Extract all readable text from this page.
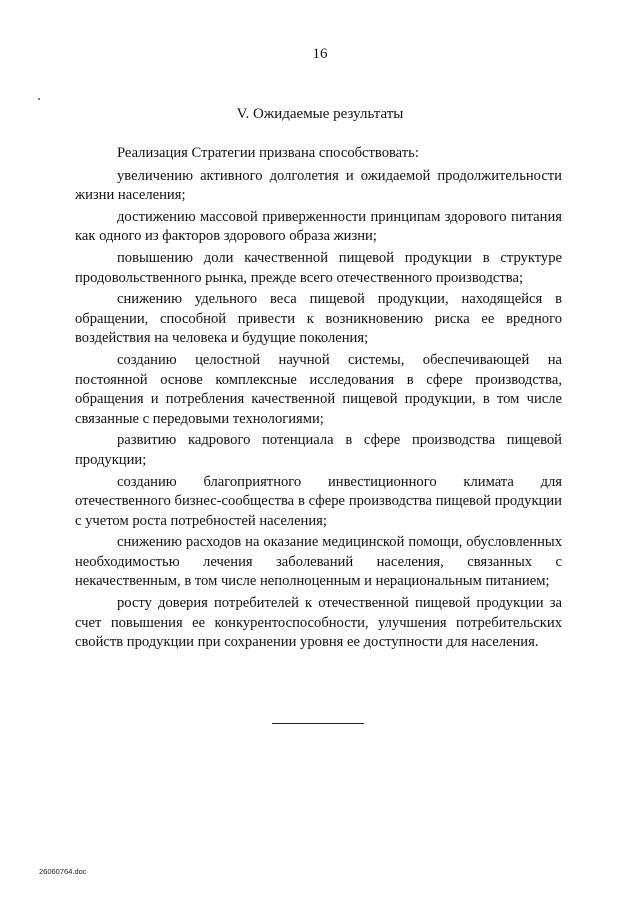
16
V. Ожидаемые результаты

Реализация Стратегии призвана способствовать:

увеличению активного долголетия и ожидаемой продолжительности жизни населения;

достижению массовой приверженности принципам здорового питания как одного из факторов здорового образа жизни;

повышению доли качественной пищевой продукции в структуре продовольственного рынка, прежде всего отечественного производства;

снижению удельного веса пищевой продукции, находящейся в обращении, способной привести к возникновению риска ее вредного воздействия на человека и будущие поколения;

созданию целостной научной системы, обеспечивающей на постоянной основе комплексные исследования в сфере производства, обращения и потребления качественной пищевой продукции, в том числе связанные с передовыми технологиями;

развитию кадрового потенциала в сфере производства пищевой продукции;

созданию благоприятного инвестиционного климата для отечественного бизнес-сообщества в сфере производства пищевой продукции с учетом роста потребностей населения;

снижению расходов на оказание медицинской помощи, обусловленных необходимостью лечения заболеваний населения, связанных с некачественным, в том числе неполноценным и нерациональным питанием;

росту доверия потребителей к отечественной пищевой продукции за счет повышения ее конкурентоспособности, улучшения потребительских свойств продукции при сохранении уровня ее доступности для населения.

26060764.doc
